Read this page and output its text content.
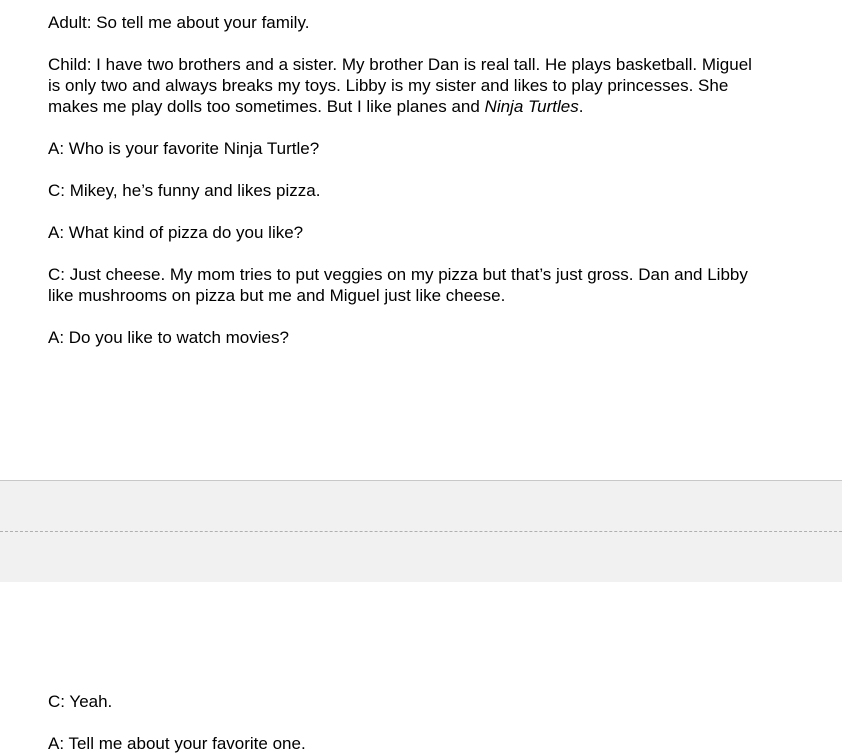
Adult: So tell me about your family.

Child: I have two brothers and a sister. My brother Dan is real tall. He plays basketball. Miguel is only two and always breaks my toys. Libby is my sister and likes to play princesses. She makes me play dolls too sometimes. But I like planes and Ninja Turtles.

A: Who is your favorite Ninja Turtle?

C: Mikey, he’s funny and likes pizza.

A: What kind of pizza do you like?

C: Just cheese. My mom tries to put veggies on my pizza but that’s just gross. Dan and Libby like mushrooms on pizza but me and Miguel just like cheese.

A: Do you like to watch movies?

C: Yeah.

A: Tell me about your favorite one.
